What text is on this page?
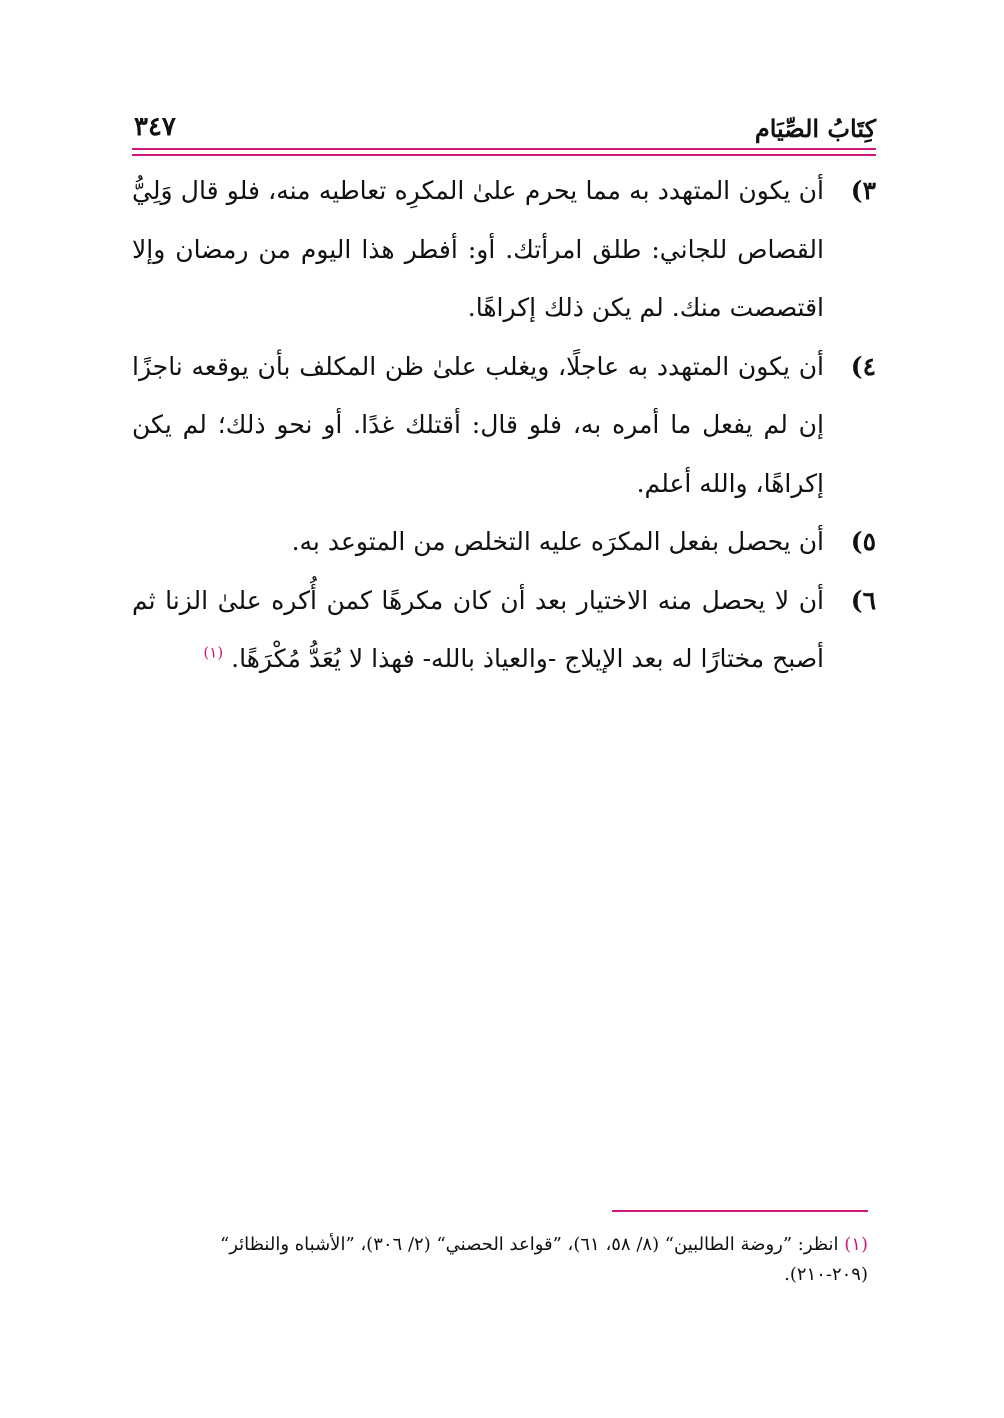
كِتَابُ الصِّيَام
٣٤٧

٣)
أن يكون المتهدد به مما يحرم علىٰ المكرِه تعاطيه منه، فلو قال وَلِيُّ القصاص للجاني: طلق امرأتك. أو: أفطر هذا اليوم من رمضان وإلا اقتصصت منك. لم يكن ذلك إكراهًا.

٤)
أن يكون المتهدد به عاجلًا، ويغلب علىٰ ظن المكلف بأن يوقعه ناجزًا إن لم يفعل ما أمره به، فلو قال: أقتلك غدًا. أو نحو ذلك؛ لم يكن إكراهًا، والله أعلم.

٥)
أن يحصل بفعل المكرَه عليه التخلص من المتوعد به.

٦)
أن لا يحصل منه الاختيار بعد أن كان مكرهًا كمن أُكره علىٰ الزنا ثم أصبح مختارًا له بعد الإيلاج -والعياذ بالله- فهذا لا يُعَدُّ مُكْرَهًا. $^{(١)}$

(١) انظر: ”روضة الطالبين“ (٨/ ٥٨، ٦١)، ”قواعد الحصني“ (٢/ ٣٠٦)، ”الأشباه والنظائر“ (٢٠٩-٢١٠).
